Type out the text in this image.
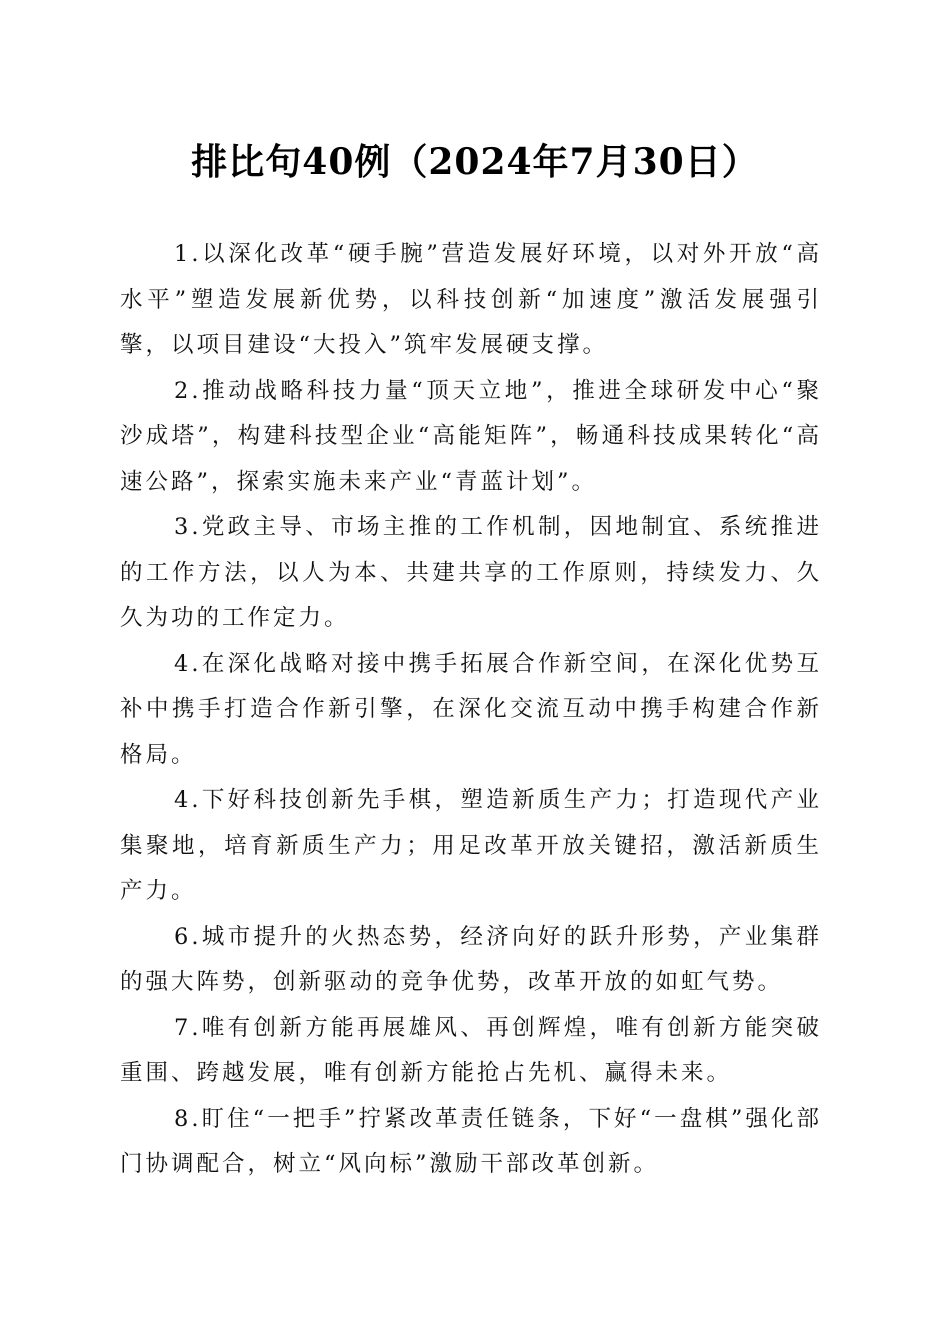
排比句40例（2024年7月30日）

1.以深化改革“硬手腕”营造发展好环境，以对外开放“高水平”塑造发展新优势，以科技创新“加速度”激活发展强引擎，以项目建设“大投入”筑牢发展硬支撑。

2.推动战略科技力量“顶天立地”，推进全球研发中心“聚沙成塔”，构建科技型企业“高能矩阵”，畅通科技成果转化“高速公路”，探索实施未来产业“青蓝计划”。

3.党政主导、市场主推的工作机制，因地制宜、系统推进的工作方法，以人为本、共建共享的工作原则，持续发力、久久为功的工作定力。

4.在深化战略对接中携手拓展合作新空间，在深化优势互补中携手打造合作新引擎，在深化交流互动中携手构建合作新格局。

4.下好科技创新先手棋，塑造新质生产力；打造现代产业集聚地，培育新质生产力；用足改革开放关键招，激活新质生产力。

6.城市提升的火热态势，经济向好的跃升形势，产业集群的强大阵势，创新驱动的竞争优势，改革开放的如虹气势。

7.唯有创新方能再展雄风、再创辉煌，唯有创新方能突破重围、跨越发展，唯有创新方能抢占先机、赢得未来。

8.盯住“一把手”拧紧改革责任链条，下好“一盘棋”强化部门协调配合，树立“风向标”激励干部改革创新。
